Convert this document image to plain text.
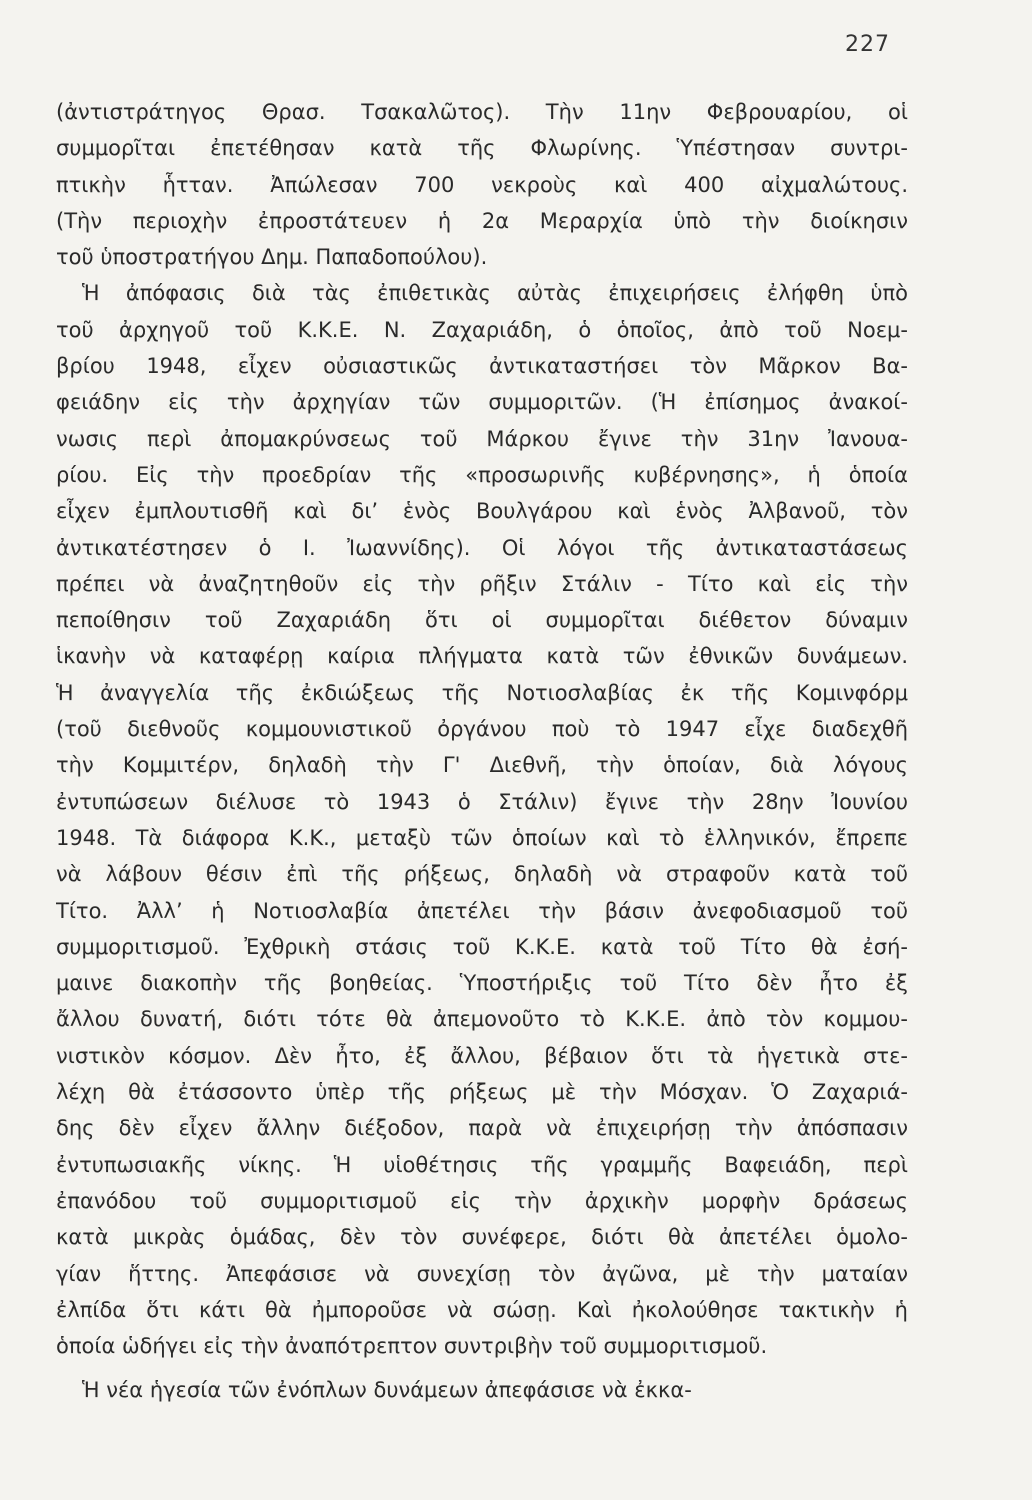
227
(ἀντιστράτηγος Θρασ. Τσακαλῶτος). Τὴν 11ην Φεβρουαρίου, οἱ
συμμορῖται ἐπετέθησαν κατὰ τῆς Φλωρίνης. Ὑπέστησαν συντρι-
πτικὴν ἧτταν. Ἀπώλεσαν 700 νεκροὺς καὶ 400 αἰχμαλώτους.
(Τὴν περιοχὴν ἐπροστάτευεν ἡ 2α Μεραρχία ὑπὸ τὴν διοίκησιν
τοῦ ὑποστρατήγου Δημ. Παπαδοπούλου).
Ἡ ἀπόφασις διὰ τὰς ἐπιθετικὰς αὐτὰς ἐπιχειρήσεις ἐλήφθη ὑπὸ
τοῦ ἀρχηγοῦ τοῦ Κ.Κ.Ε. Ν. Ζαχαριάδη, ὁ ὁποῖος, ἀπὸ τοῦ Νοεμ-
βρίου 1948, εἶχεν οὐσιαστικῶς ἀντικαταστήσει τὸν Μᾶρκον Βα-
φειάδην εἰς τὴν ἀρχηγίαν τῶν συμμοριτῶν. (Ἡ ἐπίσημος ἀνακοί-
νωσις περὶ ἀπομακρύνσεως τοῦ Μάρκου ἔγινε τὴν 31ην Ἰανουα-
ρίου. Εἰς τὴν προεδρίαν τῆς «προσωρινῆς κυβέρνησης», ἡ ὁποία
εἶχεν ἐμπλουτισθῆ καὶ δι’ ἑνὸς Βουλγάρου καὶ ἑνὸς Ἀλβανοῦ, τὸν
ἀντικατέστησεν ὁ Ι. Ἰωαννίδης). Οἱ λόγοι τῆς ἀντικαταστάσεως
πρέπει νὰ ἀναζητηθοῦν εἰς τὴν ρῆξιν Στάλιν - Τίτο καὶ εἰς τὴν
πεποίθησιν τοῦ Ζαχαριάδη ὅτι οἱ συμμορῖται διέθετον δύναμιν
ἱκανὴν νὰ καταφέρῃ καίρια πλήγματα κατὰ τῶν ἐθνικῶν δυνάμεων.
Ἡ ἀναγγελία τῆς ἐκδιώξεως τῆς Νοτιοσλαβίας ἐκ τῆς Κομινφόρμ
(τοῦ διεθνοῦς κομμουνιστικοῦ ὀργάνου ποὺ τὸ 1947 εἶχε διαδεχθῆ
τὴν Κομμιτέρν, δηλαδὴ τὴν Γ' Διεθνῆ, τὴν ὁποίαν, διὰ λόγους
ἐντυπώσεων διέλυσε τὸ 1943 ὁ Στάλιν) ἔγινε τὴν 28ην Ἰουνίου
1948. Τὰ διάφορα Κ.Κ., μεταξὺ τῶν ὁποίων καὶ τὸ ἑλληνικόν, ἔπρεπε
νὰ λάβουν θέσιν ἐπὶ τῆς ρήξεως, δηλαδὴ νὰ στραφοῦν κατὰ τοῦ
Τίτο. Ἀλλ’ ἡ Νοτιοσλαβία ἀπετέλει τὴν βάσιν ἀνεφοδιασμοῦ τοῦ
συμμοριτισμοῦ. Ἐχθρικὴ στάσις τοῦ Κ.Κ.Ε. κατὰ τοῦ Τίτο θὰ ἐσή-
μαινε διακοπὴν τῆς βοηθείας. Ὑποστήριξις τοῦ Τίτο δὲν ἦτο ἐξ
ἄλλου δυνατή, διότι τότε θὰ ἀπεμονοῦτο τὸ Κ.Κ.Ε. ἀπὸ τὸν κομμου-
νιστικὸν κόσμον. Δὲν ἦτο, ἐξ ἄλλου, βέβαιον ὅτι τὰ ἡγετικὰ στε-
λέχη θὰ ἐτάσσοντο ὑπὲρ τῆς ρήξεως μὲ τὴν Μόσχαν. Ὁ Ζαχαριά-
δης δὲν εἶχεν ἄλλην διέξοδον, παρὰ νὰ ἐπιχειρήσῃ τὴν ἀπόσπασιν
ἐντυπωσιακῆς νίκης. Ἡ υἱοθέτησις τῆς γραμμῆς Βαφειάδη, περὶ
ἐπανόδου τοῦ συμμοριτισμοῦ εἰς τὴν ἀρχικὴν μορφὴν δράσεως
κατὰ μικρὰς ὁμάδας, δὲν τὸν συνέφερε, διότι θὰ ἀπετέλει ὁμολο-
γίαν ἥττης. Ἀπεφάσισε νὰ συνεχίσῃ τὸν ἀγῶνα, μὲ τὴν ματαίαν
ἐλπίδα ὅτι κάτι θὰ ἠμποροῦσε νὰ σώσῃ. Καὶ ἠκολούθησε τακτικὴν ἡ
ὁποία ὡδήγει εἰς τὴν ἀναπότρεπτον συντριβὴν τοῦ συμμοριτισμοῦ.
Ἡ νέα ἡγεσία τῶν ἐνόπλων δυνάμεων ἀπεφάσισε νὰ ἐκκα-
